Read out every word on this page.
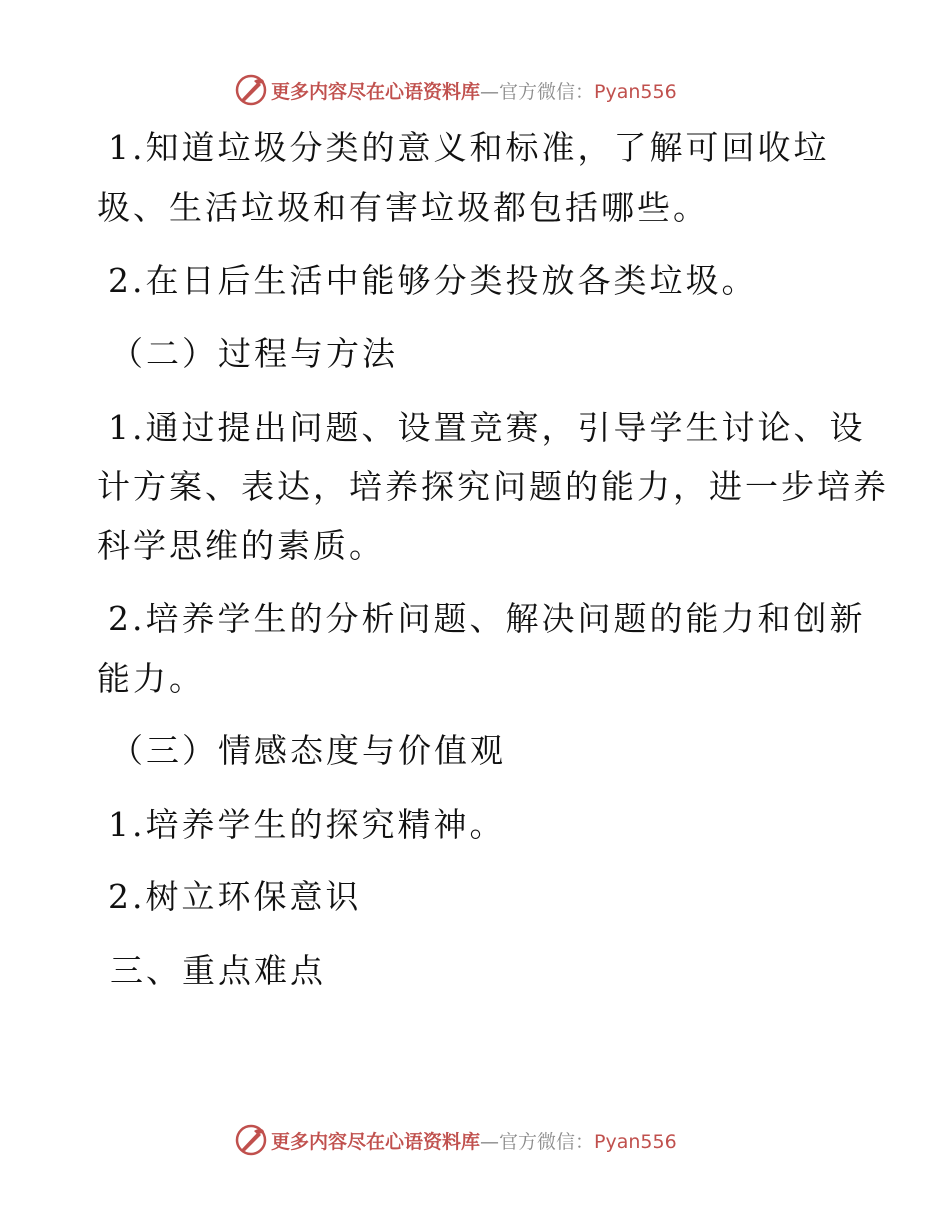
更多内容尽在心语资料库—官方微信：Pyan556
1.知道垃圾分类的意义和标准，了解可回收垃
圾、生活垃圾和有害垃圾都包括哪些。
2.在日后生活中能够分类投放各类垃圾。
（二）过程与方法
1.通过提出问题、设置竞赛，引导学生讨论、设
计方案、表达，培养探究问题的能力，进一步培养
科学思维的素质。
2.培养学生的分析问题、解决问题的能力和创新
能力。
（三）情感态度与价值观
1.培养学生的探究精神。
2.树立环保意识
三、重点难点
更多内容尽在心语资料库—官方微信：Pyan556
